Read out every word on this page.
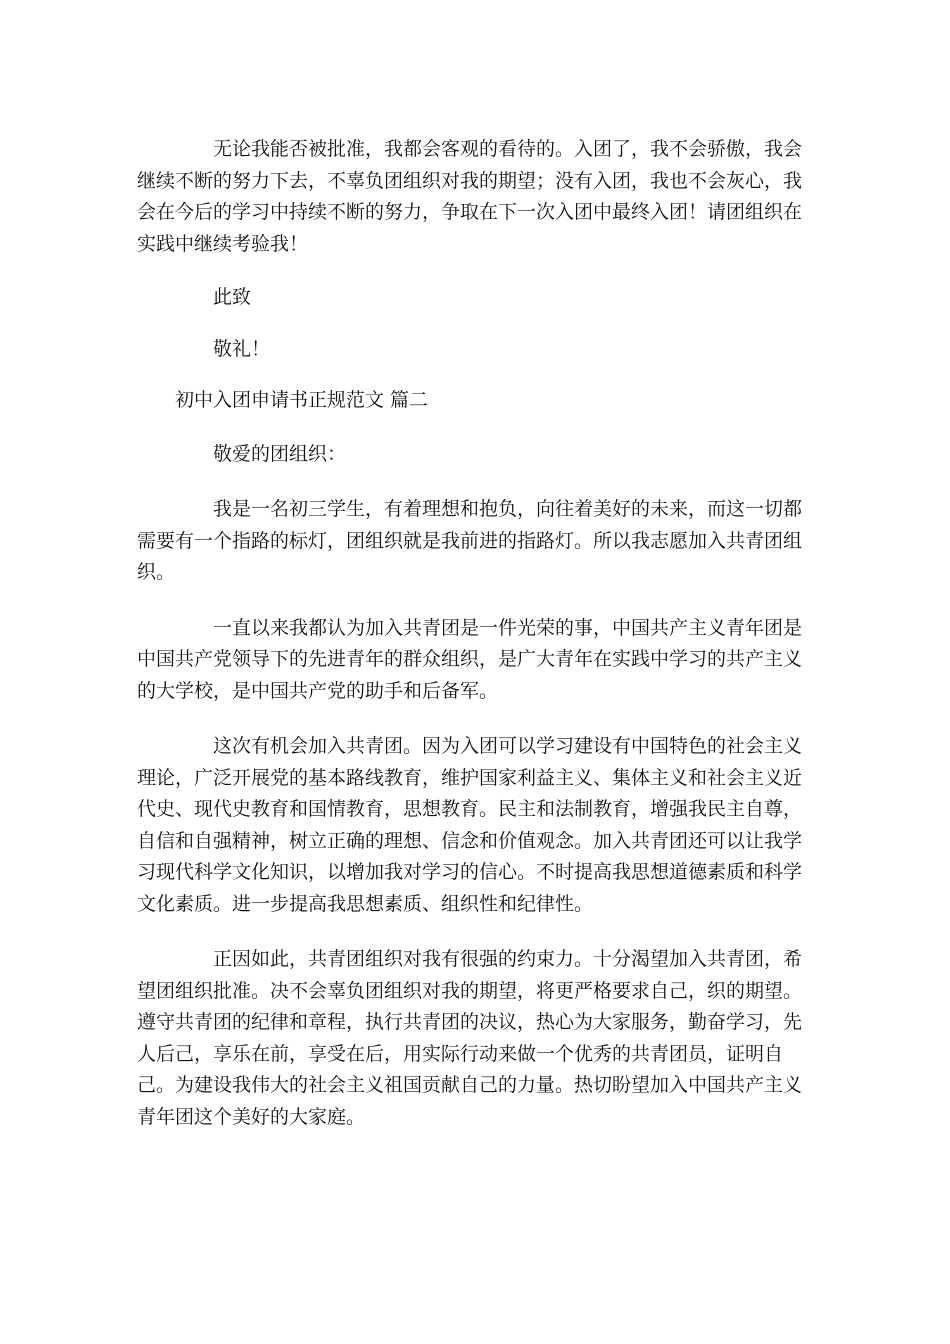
无论我能否被批准，我都会客观的看待的。入团了，我不会骄傲，我会继续不断的努力下去，不辜负团组织对我的期望；没有入团，我也不会灰心，我会在今后的学习中持续不断的努力，争取在下一次入团中最终入团！请团组织在实践中继续考验我！

此致

敬礼！

初中入团申请书正规范文 篇二

敬爱的团组织：

我是一名初三学生，有着理想和抱负，向往着美好的未来，而这一切都需要有一个指路的标灯，团组织就是我前进的指路灯。所以我志愿加入共青团组织。

一直以来我都认为加入共青团是一件光荣的事，中国共产主义青年团是中国共产党领导下的先进青年的群众组织，是广大青年在实践中学习的共产主义的大学校，是中国共产党的助手和后备军。

这次有机会加入共青团。因为入团可以学习建设有中国特色的社会主义理论，广泛开展党的基本路线教育，维护国家利益主义、集体主义和社会主义近代史、现代史教育和国情教育，思想教育。民主和法制教育，增强我民主自尊，自信和自强精神，树立正确的理想、信念和价值观念。加入共青团还可以让我学习现代科学文化知识，以增加我对学习的信心。不时提高我思想道德素质和科学文化素质。进一步提高我思想素质、组织性和纪律性。

正因如此，共青团组织对我有很强的约束力。十分渴望加入共青团，希望团组织批准。决不会辜负团组织对我的期望，将更严格要求自己，织的期望。遵守共青团的纪律和章程，执行共青团的决议，热心为大家服务，勤奋学习，先人后己，享乐在前，享受在后，用实际行动来做一个优秀的共青团员，证明自己。为建设我伟大的社会主义祖国贡献自己的力量。热切盼望加入中国共产主义青年团这个美好的大家庭。
